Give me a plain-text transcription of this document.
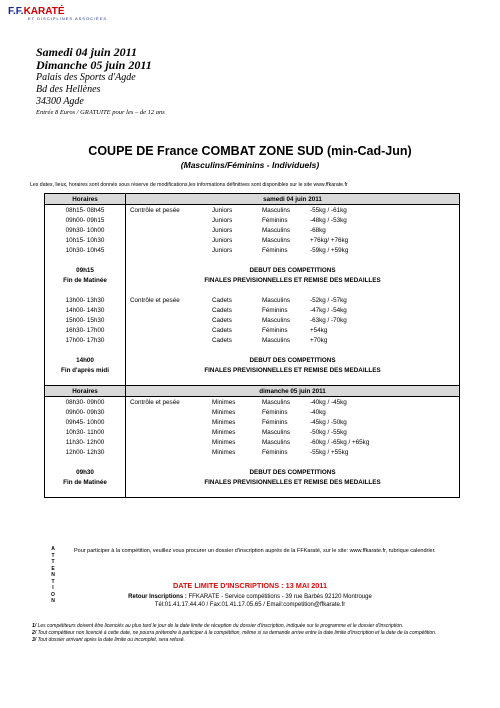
F.F.KARATÉ
ET DISCIPLINES ASSOCIÉES
Samedi 04 juin 2011
Dimanche 05 juin 2011
Palais des Sports d'Agde
Bd des Hellènes
34300 Agde
Entrée 8 Euros / GRATUITE pour les – de 12 ans
COUPE DE France COMBAT ZONE SUD (min-Cad-Jun)
(Masculins/Féminins - Individuels)
Les dates, lieux, horaires sont donnés sous réserve de modifications,les informations définitives sont disponibles sur le site www.ffkarate.fr
Horaires	samedi 04 juin 2011			
08h15- 08h45	Contrôle et pesée	Juniors	Masculins	-55kg / -61kg
09h00- 09h15		Juniors	Féminins	-48kg / -53kg
09h30- 10h00		Juniors	Masculins	-68kg
10h15- 10h30		Juniors	Masculins	+76kg/ +76kg
10h30- 10h45		Juniors	Féminins	-59kg / +59kg

09h15	DEBUT DES COMPETITIONS			
Fin de Matinée	FINALES PREVISIONNELLES ET REMISE DES MEDAILLES			

13h00- 13h30	Contrôle et pesée	Cadets	Masculins	-52kg / -57kg
14h00- 14h30		Cadets	Féminins	-47kg / -54kg
15h00- 15h30		Cadets	Masculins	-63kg / -70kg
16h30- 17h00		Cadets	Féminins	+54kg
17h00- 17h30		Cadets	Masculins	+70kg

14h00	DEBUT DES COMPETITIONS			
Fin d'après midi	FINALES PREVISIONNELLES ET REMISE DES MEDAILLES			

Horaires	dimanche 05 juin 2011			
08h30- 09h00	Contrôle et pesée	Minimes	Masculins	-40kg / -45kg
09h00- 09h30		Minimes	Féminins	-40kg
09h45- 10h00		Minimes	Féminins	-45kg / -50kg
10h30- 11h00		Minimes	Masculins	-50kg / -55kg
11h30- 12h00		Minimes	Masculins	-60kg / -65kg / +65kg
12h00- 12h30		Minimes	Féminins	-55kg / +55kg

09h30	DEBUT DES COMPETITIONS			
Fin de Matinée	FINALES PREVISIONNELLES ET REMISE DES MEDAILLES			

A
T
T
E
N
T
I
O
N
Pour participer à la compétition, veuillez vous procurer un dossier d'inscription auprès de la FFKaraté, sur le site: www.ffkarate.fr, rubrique calendrier.
DATE LIMITE D'INSCRIPTIONS : 13 MAI 2011
Retour Inscriptions : FFKARATE - Service compétitions - 39 rue Barbès 92120 Montrouge
Tél:01.41.17.44.40 / Fax:01.41.17.05.65 / Email:competition@ffkarate.fr
1/ Les compétiteurs doivent être licenciés au plus tard le jour de la date limite de réception du dossier d'inscription, indiquée sur le programme et le dossier d'inscription.
2/ Tout compétiteur non licencié à cette date, ne pourra prétendre à participer à la compétition, même si sa demande arrive entre la date limite d'inscription et la date de la compétition.
3/ Tout dossier arrivant après la date limite ou incomplet, sera refusé.
